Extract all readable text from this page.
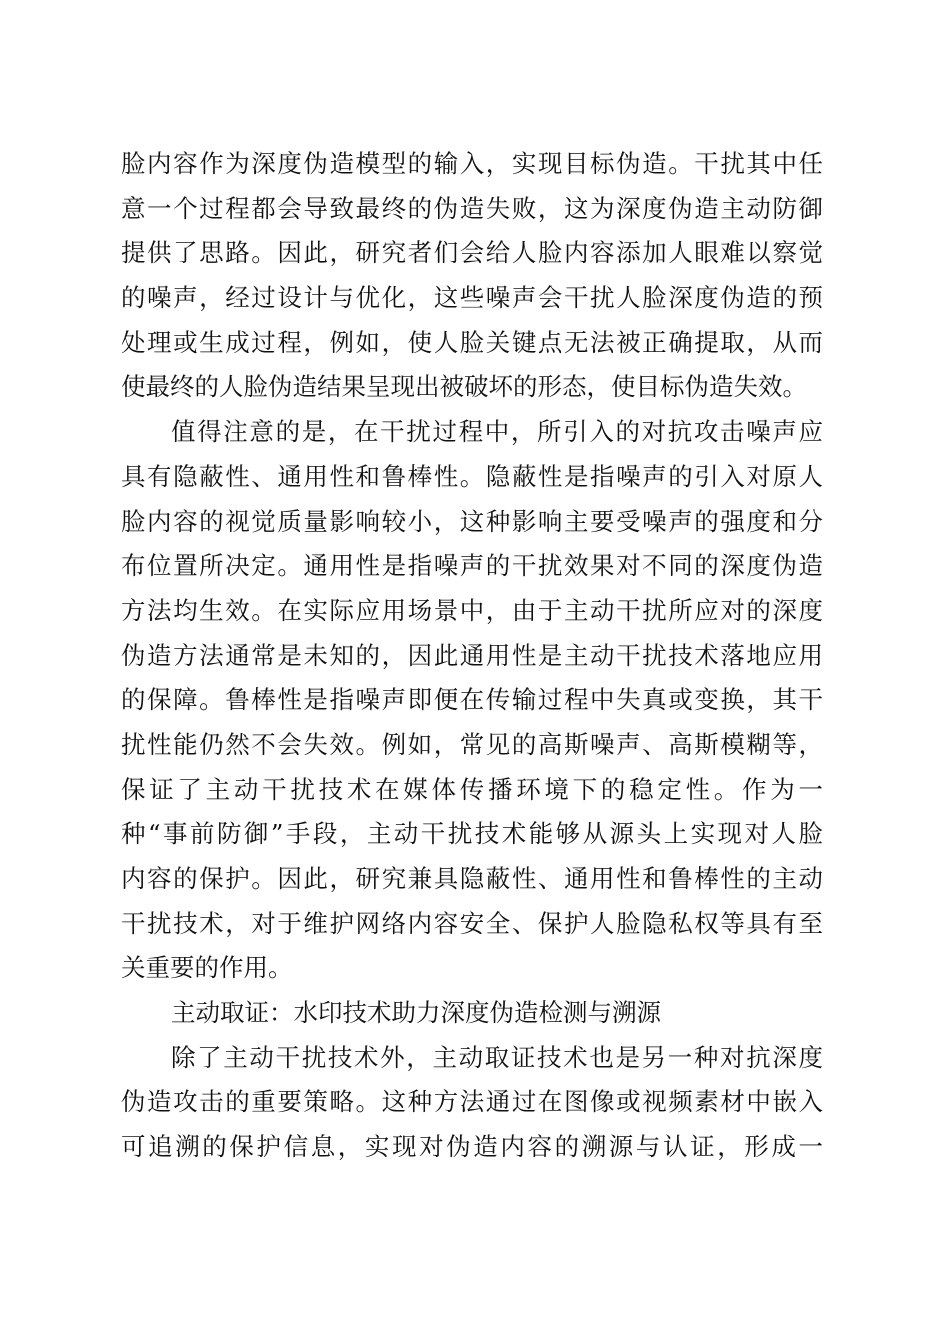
脸内容作为深度伪造模型的输入，实现目标伪造。干扰其中任
意一个过程都会导致最终的伪造失败，这为深度伪造主动防御
提供了思路。因此，研究者们会给人脸内容添加人眼难以察觉
的噪声，经过设计与优化，这些噪声会干扰人脸深度伪造的预
处理或生成过程，例如，使人脸关键点无法被正确提取，从而
使最终的人脸伪造结果呈现出被破坏的形态，使目标伪造失效。
值得注意的是，在干扰过程中，所引入的对抗攻击噪声应
具有隐蔽性、通用性和鲁棒性。隐蔽性是指噪声的引入对原人
脸内容的视觉质量影响较小，这种影响主要受噪声的强度和分
布位置所决定。通用性是指噪声的干扰效果对不同的深度伪造
方法均生效。在实际应用场景中，由于主动干扰所应对的深度
伪造方法通常是未知的，因此通用性是主动干扰技术落地应用
的保障。鲁棒性是指噪声即便在传输过程中失真或变换，其干
扰性能仍然不会失效。例如，常见的高斯噪声、高斯模糊等，
保证了主动干扰技术在媒体传播环境下的稳定性。作为一
种“事前防御”手段，主动干扰技术能够从源头上实现对人脸
内容的保护。因此，研究兼具隐蔽性、通用性和鲁棒性的主动
干扰技术，对于维护网络内容安全、保护人脸隐私权等具有至
关重要的作用。
主动取证：水印技术助力深度伪造检测与溯源
除了主动干扰技术外，主动取证技术也是另一种对抗深度
伪造攻击的重要策略。这种方法通过在图像或视频素材中嵌入
可追溯的保护信息，实现对伪造内容的溯源与认证，形成一
